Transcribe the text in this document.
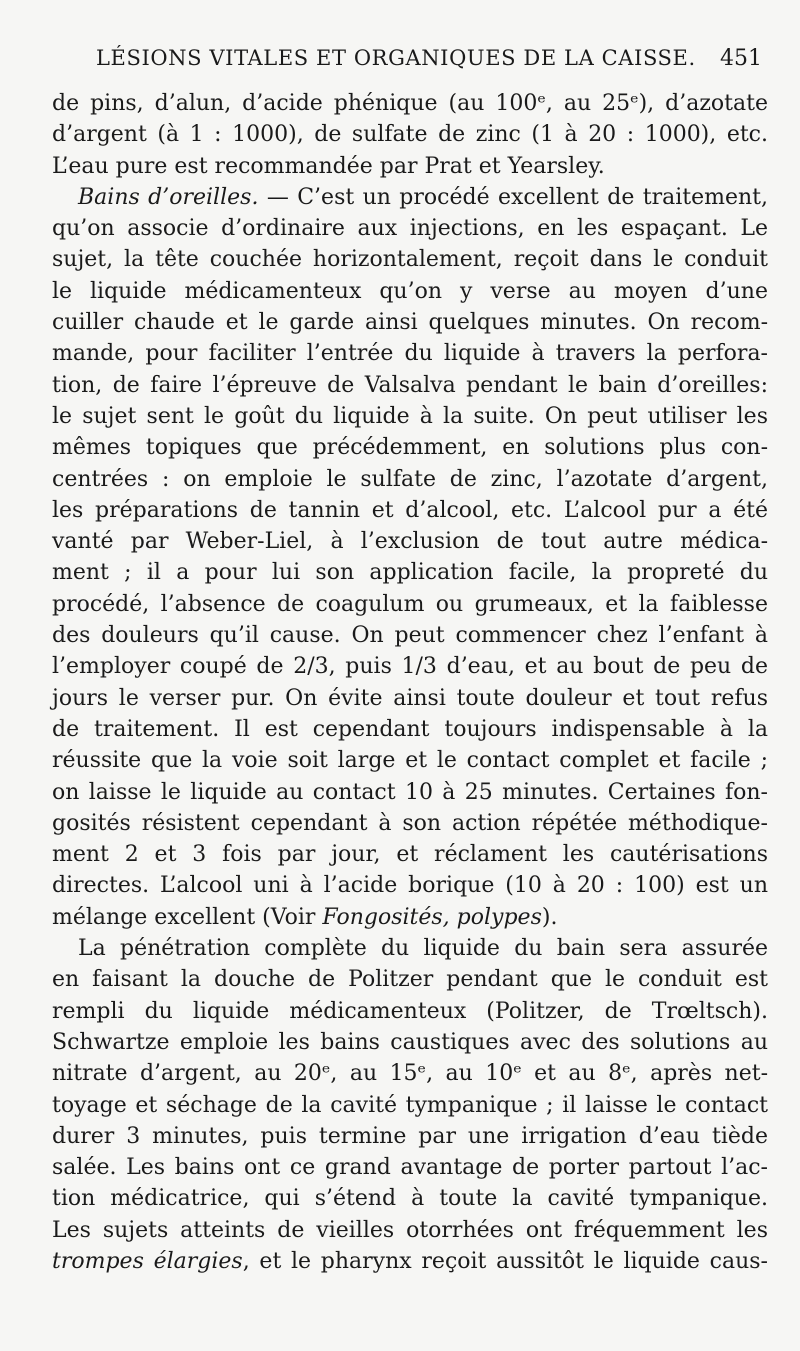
LÉSIONS VITALES ET ORGANIQUES DE LA CAISSE. 451
de pins, d’alun, d’acide phénique (au 100ᵉ, au 25ᵉ), d’azotate
d’argent (à 1 : 1000), de sulfate de zinc (1 à 20 : 1000), etc.
L’eau pure est recommandée par Prat et Yearsley.
Bains d’oreilles. — C’est un procédé excellent de traitement,
qu’on associe d’ordinaire aux injections, en les espaçant. Le
sujet, la tête couchée horizontalement, reçoit dans le conduit
le liquide médicamenteux qu’on y verse au moyen d’une
cuiller chaude et le garde ainsi quelques minutes. On recom-
mande, pour faciliter l’entrée du liquide à travers la perfora-
tion, de faire l’épreuve de Valsalva pendant le bain d’oreilles:
le sujet sent le goût du liquide à la suite. On peut utiliser les
mêmes topiques que précédemment, en solutions plus con-
centrées : on emploie le sulfate de zinc, l’azotate d’argent,
les préparations de tannin et d’alcool, etc. L’alcool pur a été
vanté par Weber-Liel, à l’exclusion de tout autre médica-
ment ; il a pour lui son application facile, la propreté du
procédé, l’absence de coagulum ou grumeaux, et la faiblesse
des douleurs qu’il cause. On peut commencer chez l’enfant à
l’employer coupé de 2/3, puis 1/3 d’eau, et au bout de peu de
jours le verser pur. On évite ainsi toute douleur et tout refus
de traitement. Il est cependant toujours indispensable à la
réussite que la voie soit large et le contact complet et facile ;
on laisse le liquide au contact 10 à 25 minutes. Certaines fon-
gosités résistent cependant à son action répétée méthodique-
ment 2 et 3 fois par jour, et réclament les cautérisations
directes. L’alcool uni à l’acide borique (10 à 20 : 100) est un
mélange excellent (Voir Fongosités, polypes).
La pénétration complète du liquide du bain sera assurée
en faisant la douche de Politzer pendant que le conduit est
rempli du liquide médicamenteux (Politzer, de Trœltsch).
Schwartze emploie les bains caustiques avec des solutions au
nitrate d’argent, au 20ᵉ, au 15ᵉ, au 10ᵉ et au 8ᵉ, après net-
toyage et séchage de la cavité tympanique ; il laisse le contact
durer 3 minutes, puis termine par une irrigation d’eau tiède
salée. Les bains ont ce grand avantage de porter partout l’ac-
tion médicatrice, qui s’étend à toute la cavité tympanique.
Les sujets atteints de vieilles otorrhées ont fréquemment les
trompes élargies, et le pharynx reçoit aussitôt le liquide caus-
